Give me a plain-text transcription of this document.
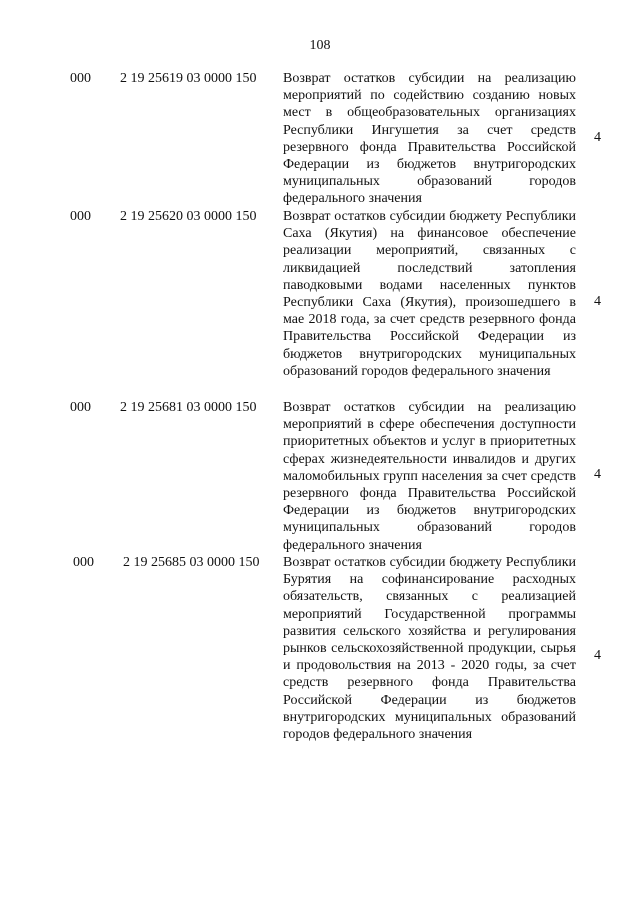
108
000 2 19 25619 03 0000 150 Возврат остатков субсидии на реализацию мероприятий по содействию созданию новых мест в общеобразовательных организациях Республики Ингушетия за счет средств резервного фонда Правительства Российской Федерации из бюджетов внутригородских муниципальных образований городов федерального значения
4
000 2 19 25620 03 0000 150 Возврат остатков субсидии бюджету Республики Саха (Якутия) на финансовое обеспечение реализации мероприятий, связанных с ликвидацией последствий затопления паводковыми водами населенных пунктов Республики Саха (Якутия), произошедшего в мае 2018 года, за счет средств резервного фонда Правительства Российской Федерации из бюджетов внутригородских муниципальных образований городов федерального значения
4
000 2 19 25681 03 0000 150 Возврат остатков субсидии на реализацию мероприятий в сфере обеспечения доступности приоритетных объектов и услуг в приоритетных сферах жизнедеятельности инвалидов и других маломобильных групп населения за счет средств резервного фонда Правительства Российской Федерации из бюджетов внутригородских муниципальных образований городов федерального значения
4
000 2 19 25685 03 0000 150 Возврат остатков субсидии бюджету Республики Бурятия на софинансирование расходных обязательств, связанных с реализацией мероприятий Государственной программы развития сельского хозяйства и регулирования рынков сельскохозяйственной продукции, сырья и продовольствия на 2013 - 2020 годы, за счет средств резервного фонда Правительства Российской Федерации из бюджетов внутригородских муниципальных образований городов федерального значения
4
